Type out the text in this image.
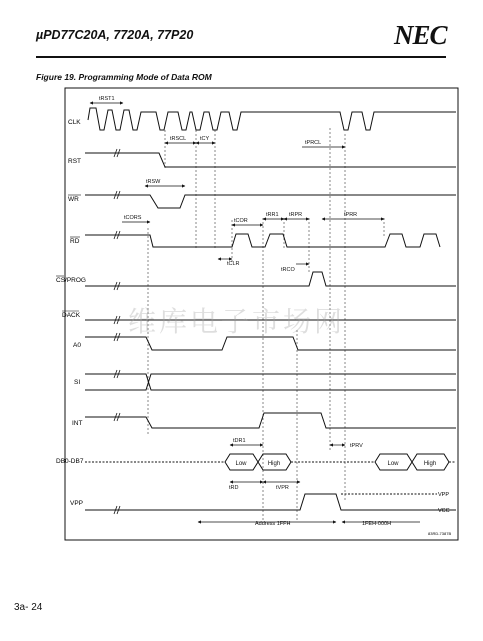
µPD77C20A, 7720A, 77P20	NEC
Figure 19. Programming Mode of Data ROM
CLK
RST
WR
RD
CS/PROG
DACK
A0
SI
INT
DB0-DB7
VPP
tRST1
tRSCL	tCY
tPRCL
tRSW
tCORS	tCOR
tRR1 tRPR	tPRR
tCLR
tRCO
tDR1
tPRV
tRD	tVPR
Low	High	Low	High
VPP
VCC
Address 1FFH	1FEH-000H
83RD-7387B
维库电子市场网
3a- 24
